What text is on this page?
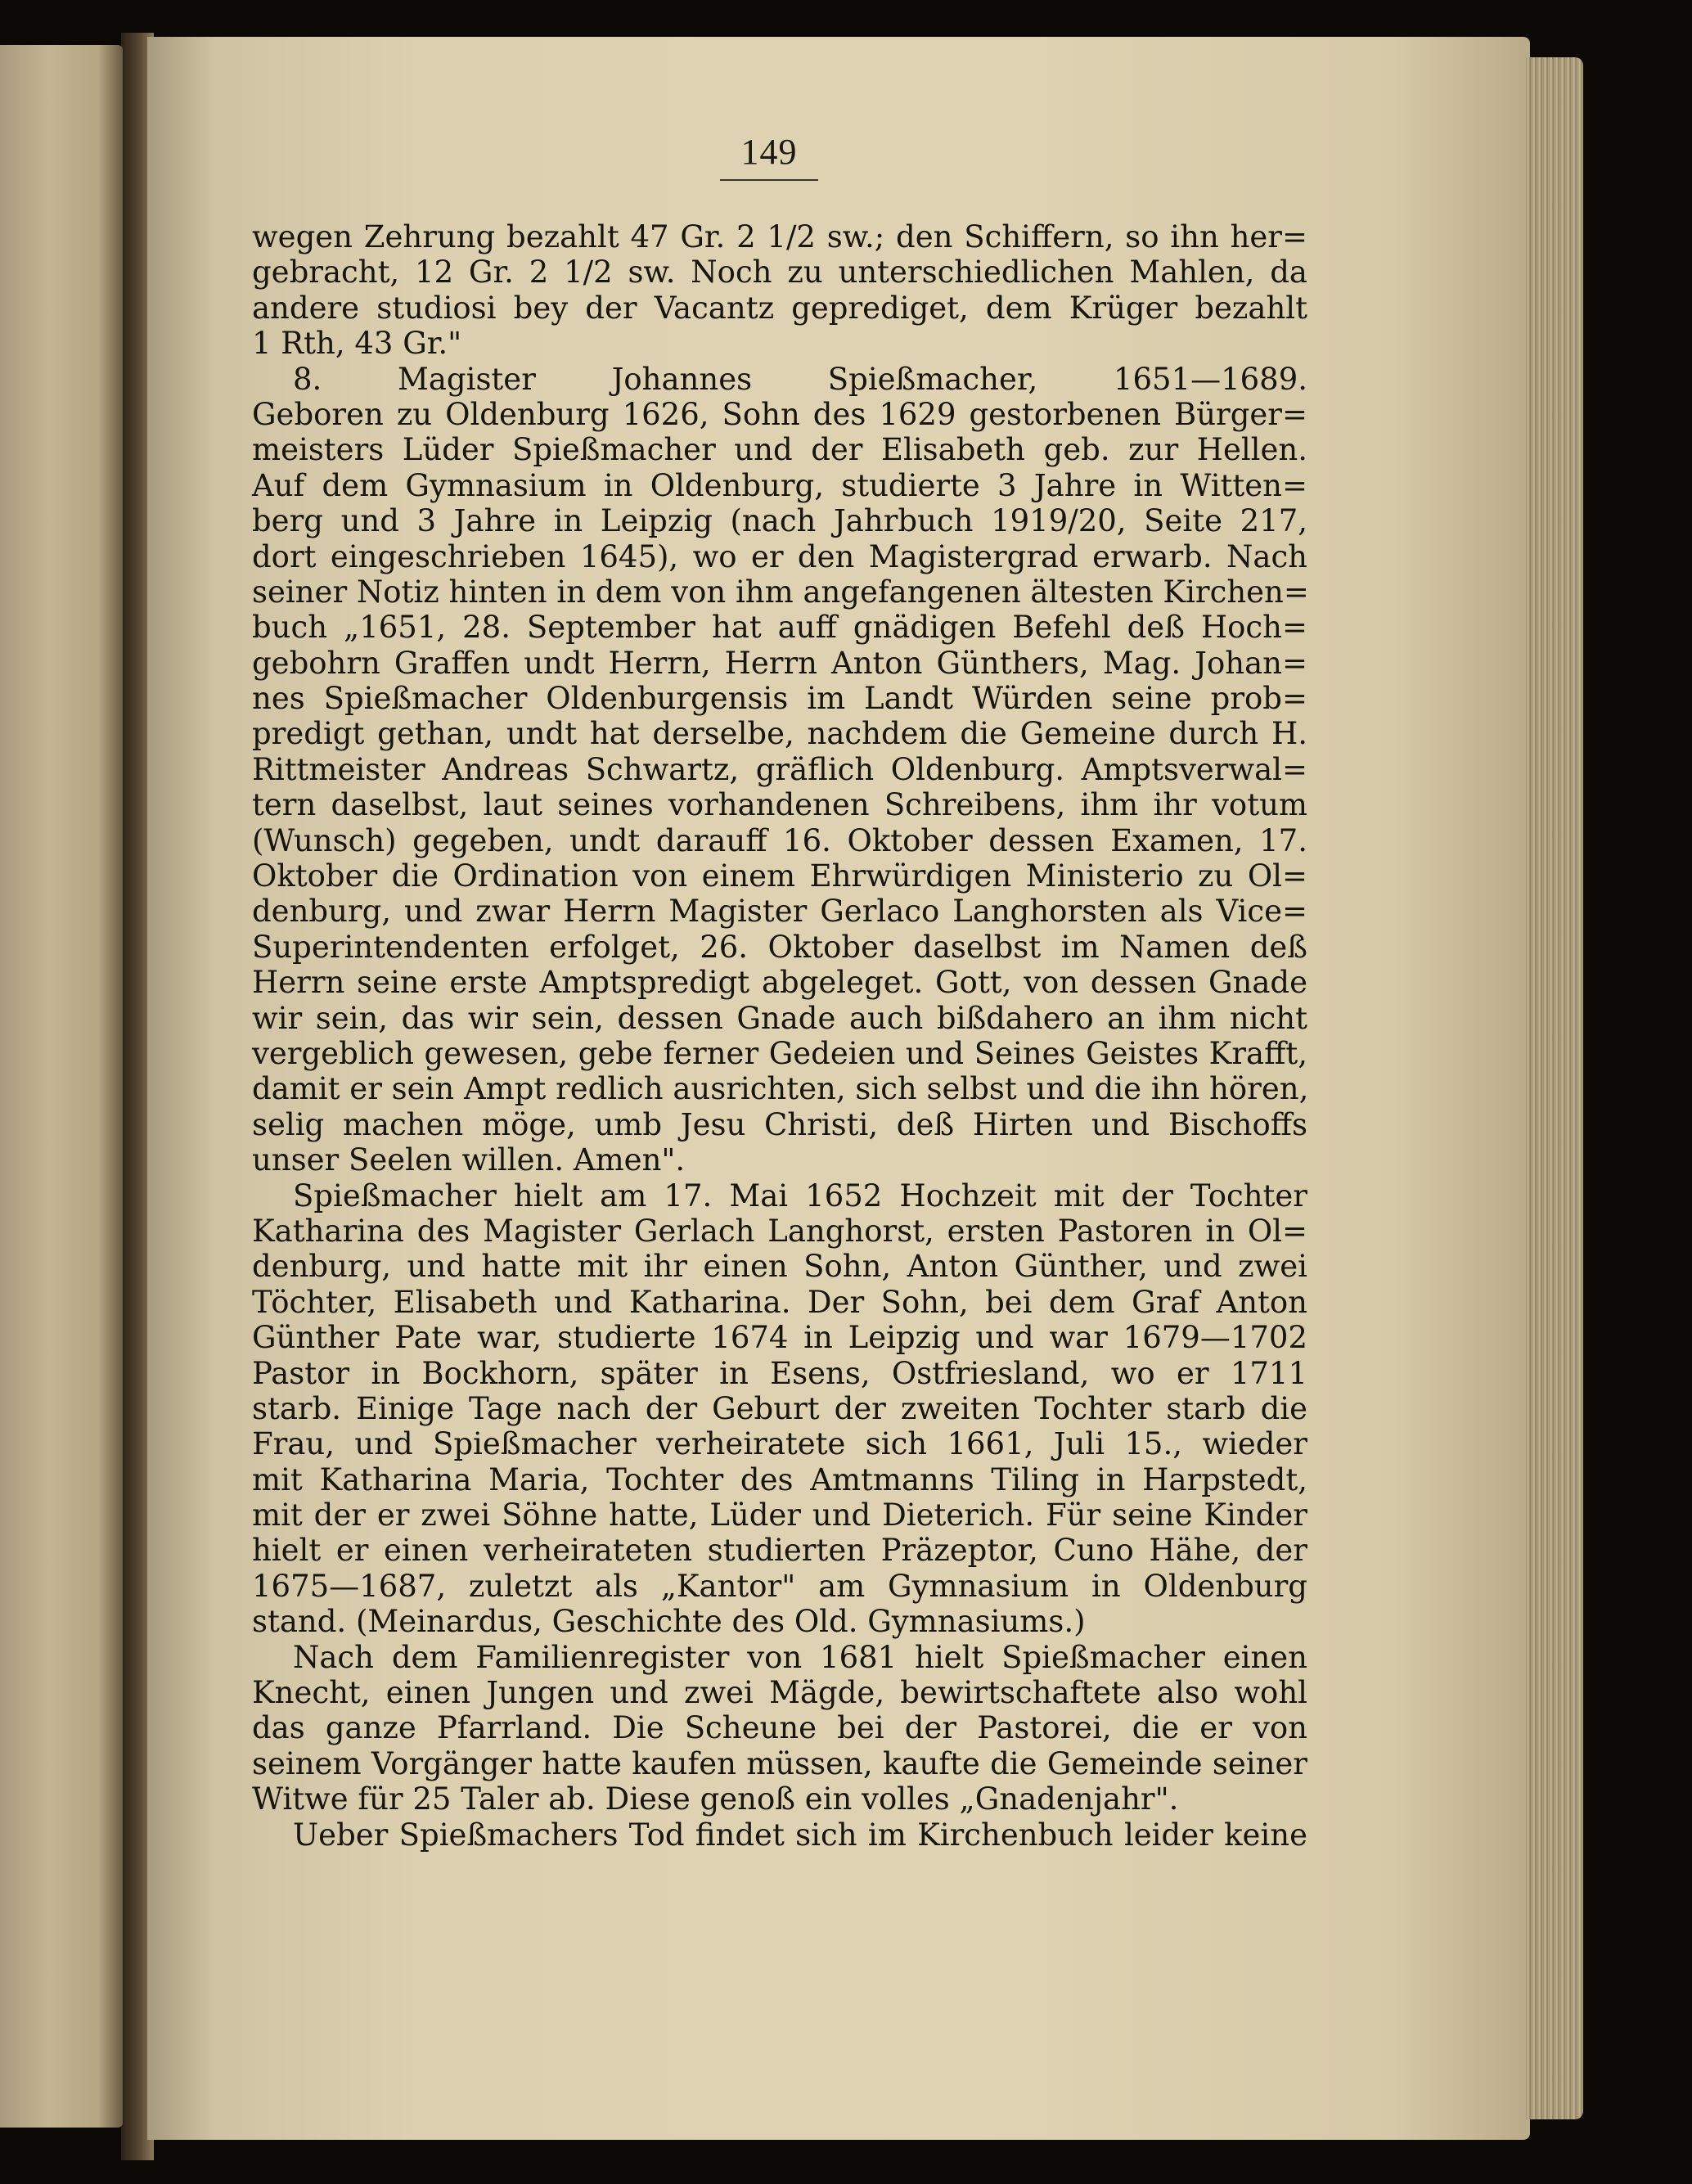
149
wegen Zehrung bezahlt 47 Gr. 2 1/2 sw.; den Schiffern, so ihn her=
gebracht, 12 Gr. 2 1/2 sw. Noch zu unterschiedlichen Mahlen, da
andere studiosi bey der Vacantz geprediget, dem Krüger bezahlt
1 Rth, 43 Gr."
8. Magister Johannes Spießmacher, 1651—1689.
Geboren zu Oldenburg 1626, Sohn des 1629 gestorbenen Bürger=
meisters Lüder Spießmacher und der Elisabeth geb. zur Hellen.
Auf dem Gymnasium in Oldenburg, studierte 3 Jahre in Witten=
berg und 3 Jahre in Leipzig (nach Jahrbuch 1919/20, Seite 217,
dort eingeschrieben 1645), wo er den Magistergrad erwarb. Nach
seiner Notiz hinten in dem von ihm angefangenen ältesten Kirchen=
buch „1651, 28. September hat auff gnädigen Befehl deß Hoch=
gebohrn Graffen undt Herrn, Herrn Anton Günthers, Mag. Johan=
nes Spießmacher Oldenburgensis im Landt Würden seine prob=
predigt gethan, undt hat derselbe, nachdem die Gemeine durch H.
Rittmeister Andreas Schwartz, gräflich Oldenburg. Amptsverwal=
tern daselbst, laut seines vorhandenen Schreibens, ihm ihr votum
(Wunsch) gegeben, undt darauff 16. Oktober dessen Examen, 17.
Oktober die Ordination von einem Ehrwürdigen Ministerio zu Ol=
denburg, und zwar Herrn Magister Gerlaco Langhorsten als Vice=
Superintendenten erfolget, 26. Oktober daselbst im Namen deß
Herrn seine erste Amptspredigt abgeleget. Gott, von dessen Gnade
wir sein, das wir sein, dessen Gnade auch bißdahero an ihm nicht
vergeblich gewesen, gebe ferner Gedeien und Seines Geistes Krafft,
damit er sein Ampt redlich ausrichten, sich selbst und die ihn hören,
selig machen möge, umb Jesu Christi, deß Hirten und Bischoffs
unser Seelen willen. Amen".
Spießmacher hielt am 17. Mai 1652 Hochzeit mit der Tochter
Katharina des Magister Gerlach Langhorst, ersten Pastoren in Ol=
denburg, und hatte mit ihr einen Sohn, Anton Günther, und zwei
Töchter, Elisabeth und Katharina. Der Sohn, bei dem Graf Anton
Günther Pate war, studierte 1674 in Leipzig und war 1679—1702
Pastor in Bockhorn, später in Esens, Ostfriesland, wo er 1711
starb. Einige Tage nach der Geburt der zweiten Tochter starb die
Frau, und Spießmacher verheiratete sich 1661, Juli 15., wieder
mit Katharina Maria, Tochter des Amtmanns Tiling in Harpstedt,
mit der er zwei Söhne hatte, Lüder und Dieterich. Für seine Kinder
hielt er einen verheirateten studierten Präzeptor, Cuno Hähe, der
1675—1687, zuletzt als „Kantor" am Gymnasium in Oldenburg
stand. (Meinardus, Geschichte des Old. Gymnasiums.)
Nach dem Familienregister von 1681 hielt Spießmacher einen
Knecht, einen Jungen und zwei Mägde, bewirtschaftete also wohl
das ganze Pfarrland. Die Scheune bei der Pastorei, die er von
seinem Vorgänger hatte kaufen müssen, kaufte die Gemeinde seiner
Witwe für 25 Taler ab. Diese genoß ein volles „Gnadenjahr".
Ueber Spießmachers Tod findet sich im Kirchenbuch leider keine
